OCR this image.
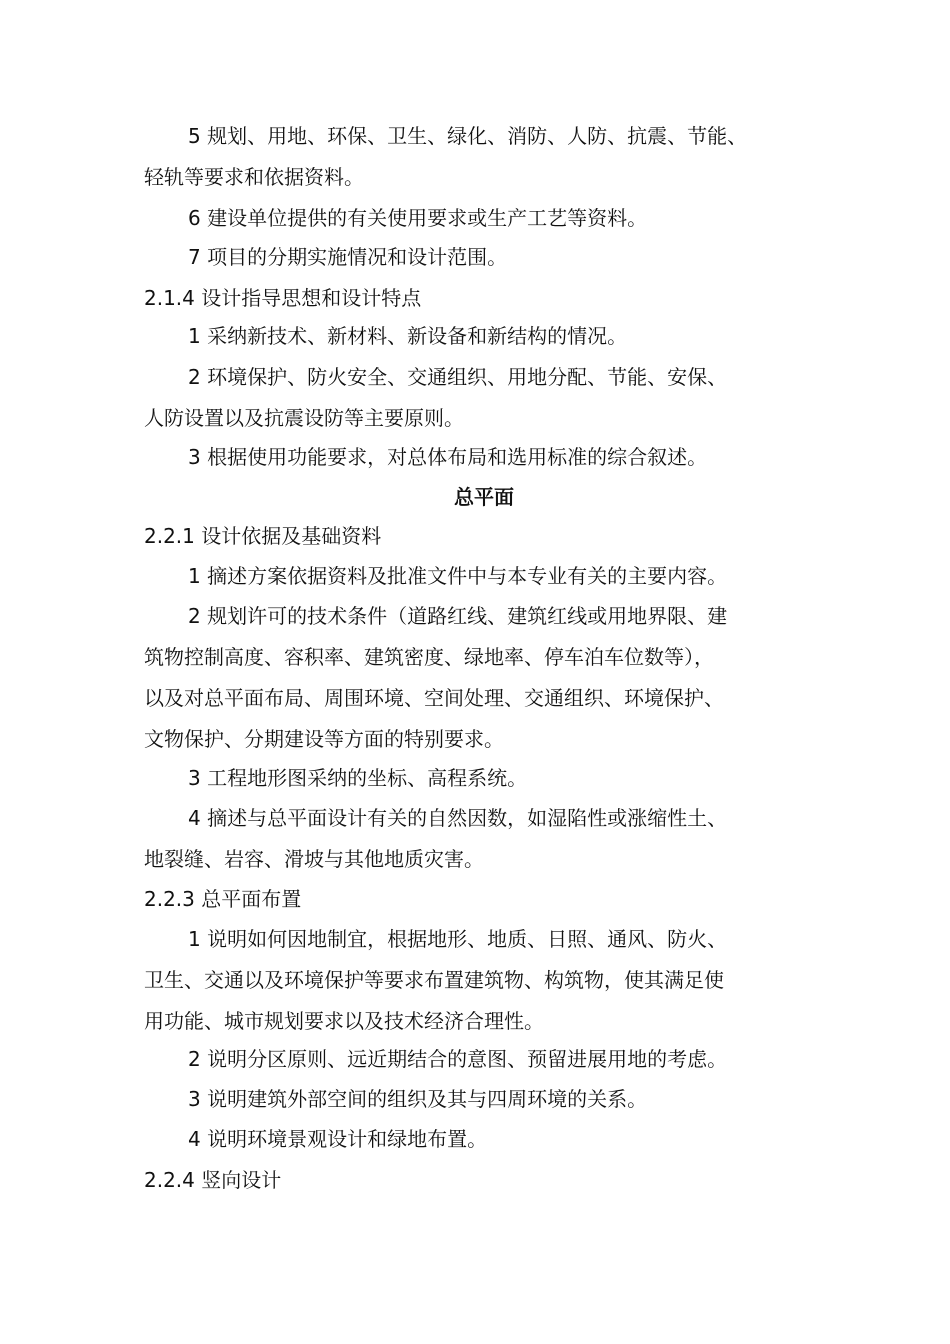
5 规划、用地、环保、卫生、绿化、消防、人防、抗震、节能、
轻轨等要求和依据资料。
6 建设单位提供的有关使用要求或生产工艺等资料。
7 项目的分期实施情况和设计范围。
2.1.4 设计指导思想和设计特点
1 采纳新技术、新材料、新设备和新结构的情况。
2 环境保护、防火安全、交通组织、用地分配、节能、安保、
人防设置以及抗震设防等主要原则。
3 根据使用功能要求，对总体布局和选用标准的综合叙述。
总平面
2.2.1 设计依据及基础资料
1 摘述方案依据资料及批准文件中与本专业有关的主要内容。
2 规划许可的技术条件（道路红线、建筑红线或用地界限、建
筑物控制高度、容积率、建筑密度、绿地率、停车泊车位数等），
以及对总平面布局、周围环境、空间处理、交通组织、环境保护、
文物保护、分期建设等方面的特别要求。
3 工程地形图采纳的坐标、高程系统。
4 摘述与总平面设计有关的自然因数，如湿陷性或涨缩性土、
地裂缝、岩容、滑坡与其他地质灾害。
2.2.3 总平面布置
1 说明如何因地制宜，根据地形、地质、日照、通风、防火、
卫生、交通以及环境保护等要求布置建筑物、构筑物，使其满足使
用功能、城市规划要求以及技术经济合理性。
2 说明分区原则、远近期结合的意图、预留进展用地的考虑。
3 说明建筑外部空间的组织及其与四周环境的关系。
4 说明环境景观设计和绿地布置。
2.2.4 竖向设计
